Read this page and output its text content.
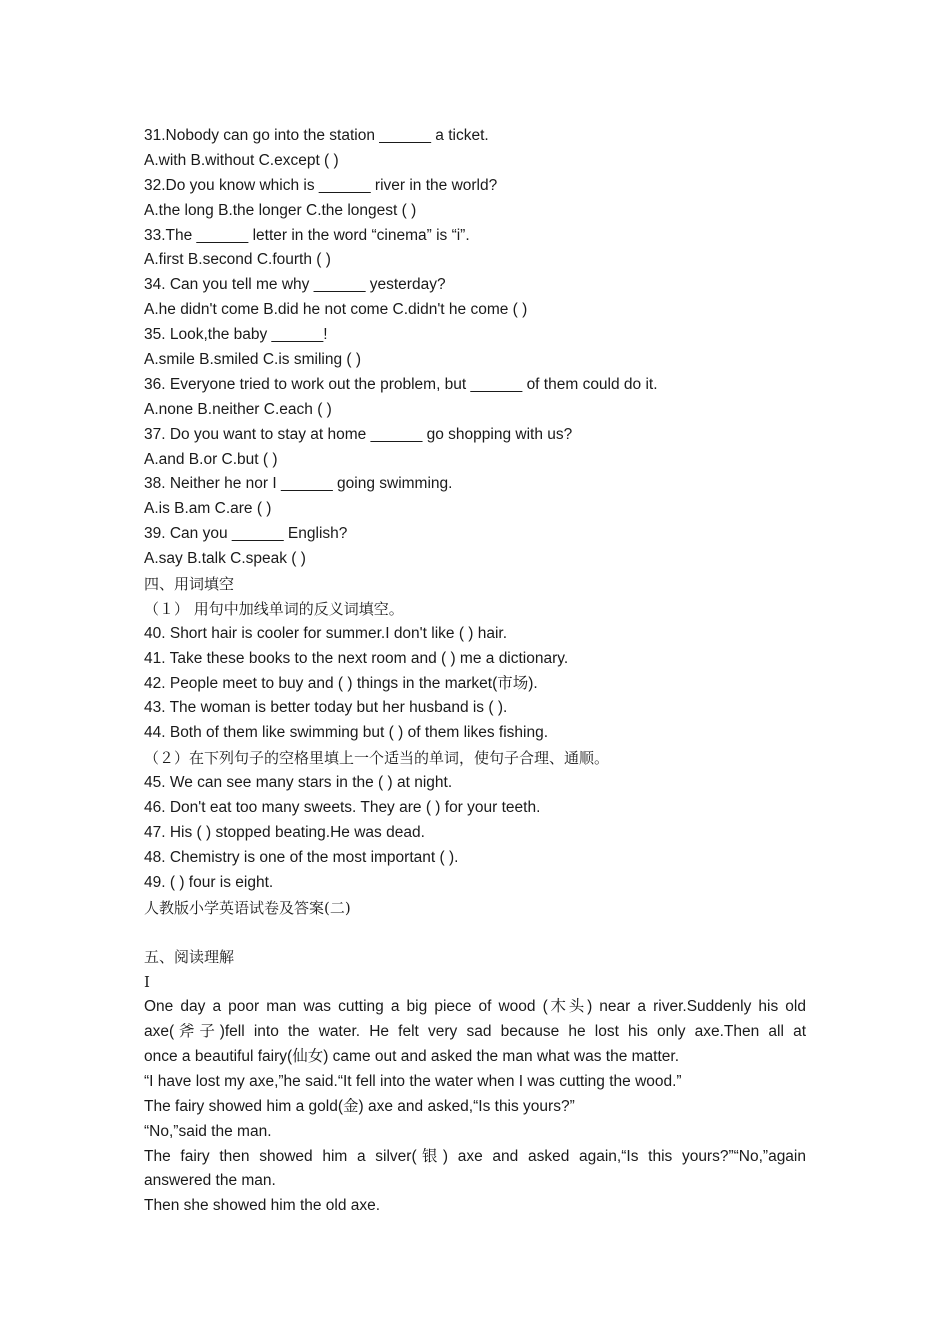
31.Nobody can go into the station ______ a ticket.
A.with B.without C.except ( )
32.Do you know which is ______ river in the world?
A.the long B.the longer C.the longest ( )
33.The ______ letter in the word “cinema” is “i”.
A.first B.second C.fourth ( )
34. Can you tell me why ______ yesterday?
A.he didn't come B.did he not come C.didn't he come ( )
35. Look,the baby ______!
A.smile B.smiled C.is smiling ( )
36. Everyone tried to work out the problem, but ______ of them could do it.
A.none B.neither C.each ( )
37. Do you want to stay at home ______ go shopping with us?
A.and B.or C.but ( )
38. Neither he nor I ______ going swimming.
A.is B.am C.are ( )
39. Can you ______ English?
A.say B.talk C.speak ( )
四、用词填空
（１） 用句中加线单词的反义词填空。
40. Short hair is cooler for summer.I don't like ( ) hair.
41. Take these books to the next room and ( ) me a dictionary.
42. People meet to buy and ( ) things in the market(市场).
43. The woman is better today but her husband is ( ).
44. Both of them like swimming but ( ) of them likes fishing.
（２）在下列句子的空格里填上一个适当的单词，使句子合理、通顺。
45. We can see many stars in the ( ) at night.
46. Don't eat too many sweets. They are ( ) for your teeth.
47. His ( ) stopped beating.He was dead.
48. Chemistry is one of the most important ( ).
49. ( ) four is eight.
人教版小学英语试卷及答案(二)
五、阅读理解
Ⅰ
One day a poor man was cutting a big piece of wood (木头) near a river.Suddenly his old
axe(斧子)fell into the water. He felt very sad because he lost his only axe.Then all at
once a beautiful fairy(仙女) came out and asked the man what was the matter.
“I have lost my axe,”he said.“It fell into the water when I was cutting the wood.”
The fairy showed him a gold(金) axe and asked,“Is this yours?”
“No,”said the man.
The fairy then showed him a silver(银) axe and asked again,“Is this yours?”“No,”again
answered the man.
Then she showed him the old axe.
